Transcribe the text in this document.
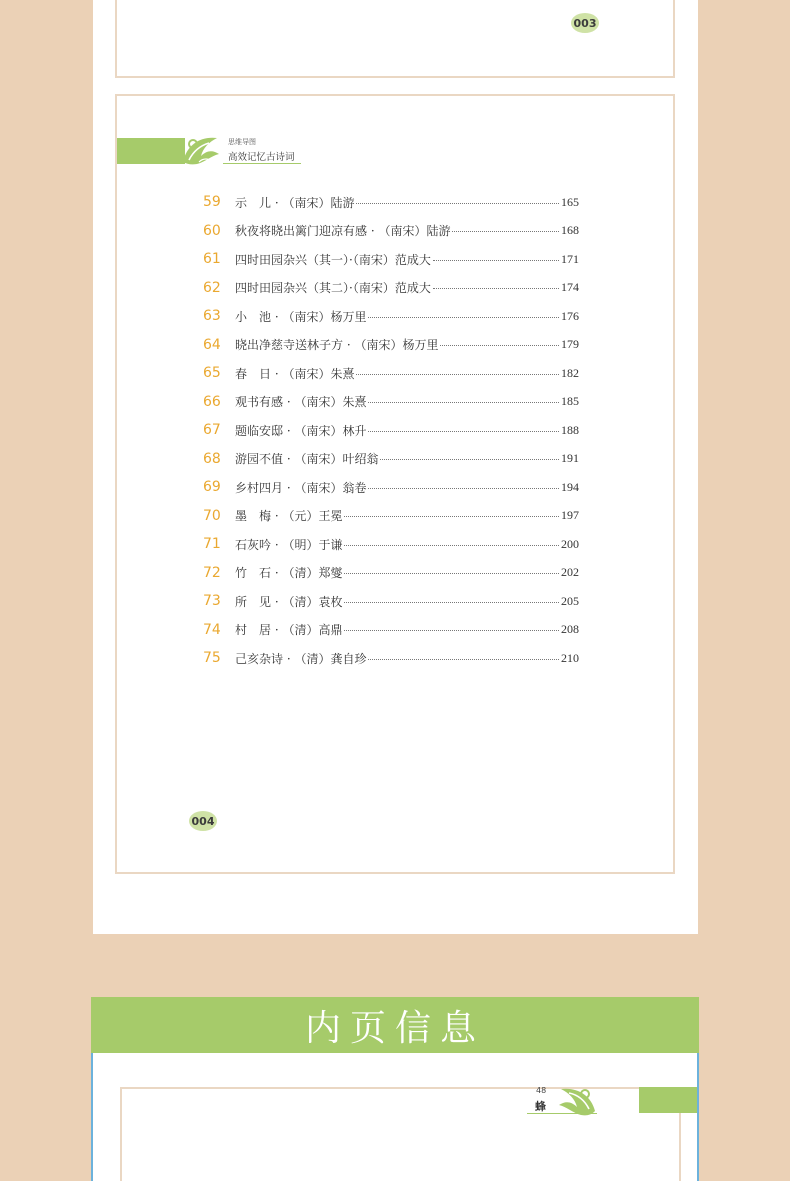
003
思维导图
高效记忆古诗词
59	示　儿 · （南宋）陆游	165
60	秋夜将晓出篱门迎凉有感 · （南宋）陆游	168
61	四时田园杂兴（其一）·（南宋）范成大	171
62	四时田园杂兴（其二）·（南宋）范成大	174
63	小　池 · （南宋）杨万里	176
64	晓出净慈寺送林子方 · （南宋）杨万里	179
65	春　日 · （南宋）朱熹	182
66	观书有感 · （南宋）朱熹	185
67	题临安邸 · （南宋）林升	188
68	游园不值 · （南宋）叶绍翁	191
69	乡村四月 · （南宋）翁卷	194
70	墨　梅 · （元）王冕	197
71	石灰吟 · （明）于谦	200
72	竹　石 · （清）郑燮	202
73	所　见 · （清）袁枚	205
74	村　居 · （清）高鼎	208
75	己亥杂诗 · （清）龚自珍	210
004
内页信息
48
蜂
